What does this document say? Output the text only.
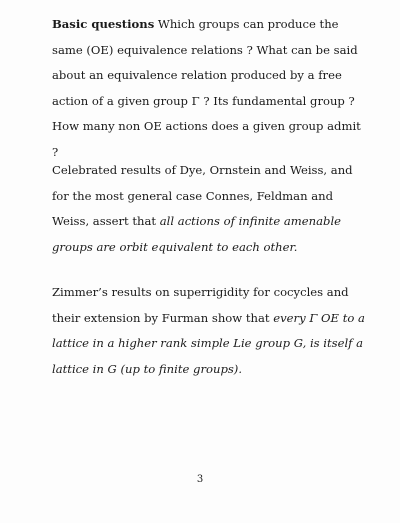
Basic questions Which groups can produce the same (OE) equivalence relations ? What can be said about an equivalence relation produced by a free action of a given group Γ ? Its fundamental group ? How many non OE actions does a given group admit ?

Celebrated results of Dye, Ornstein and Weiss, and for the most general case Connes, Feldman and Weiss, assert that all actions of infinite amenable groups are orbit equivalent to each other.

Zimmer’s results on superrigidity for cocycles and their extension by Furman show that every Γ OE to a lattice in a higher rank simple Lie group G, is itself a lattice in G (up to finite groups).

3
